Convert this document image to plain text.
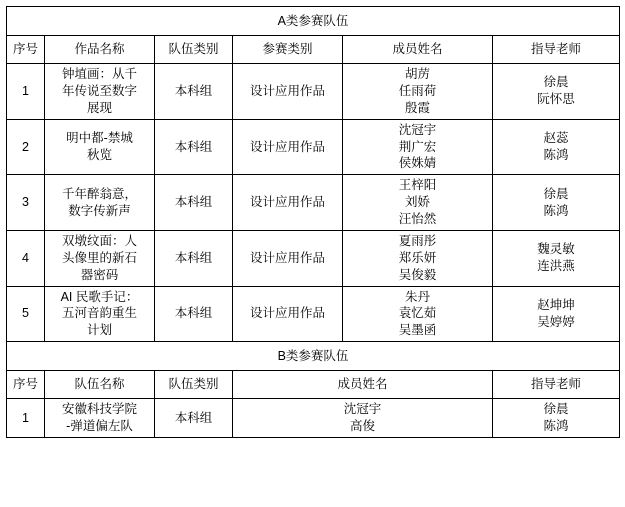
A类参赛队伍					
序号	作品名称	队伍类别	参赛类别	成员姓名	指导老师
1	钟埴画：从千
年传说至数字
展现	本科组	设计应用作品	胡苈
任雨荷
殷霞	徐晨
阮怀思

2	明中都-禁城
秋览	本科组	设计应用作品	沈冠宇
荆广宏
侯姝婧	赵蕊
陈鸿

3	千年醉翁意，
数字传新声	本科组	设计应用作品	王梓阳
刘娇
汪怡然	徐晨
陈鸿

4	双墩纹面：人
头像里的新石
器密码	本科组	设计应用作品	夏雨彤
郑乐妍
吴俊毅	魏灵敏
连洪燕

5	AI 民歌手记：
五河音韵重生
计划	本科组	设计应用作品	朱丹
袁忆茹
吴墨函	赵坤坤
吴婷婷

B类参赛队伍					
序号	队伍名称	队伍类别	成员姓名		指导老师
1	安徽科技学院
-弹道偏左队	本科组	沈冠宇
高俊		徐晨
陈鸿
